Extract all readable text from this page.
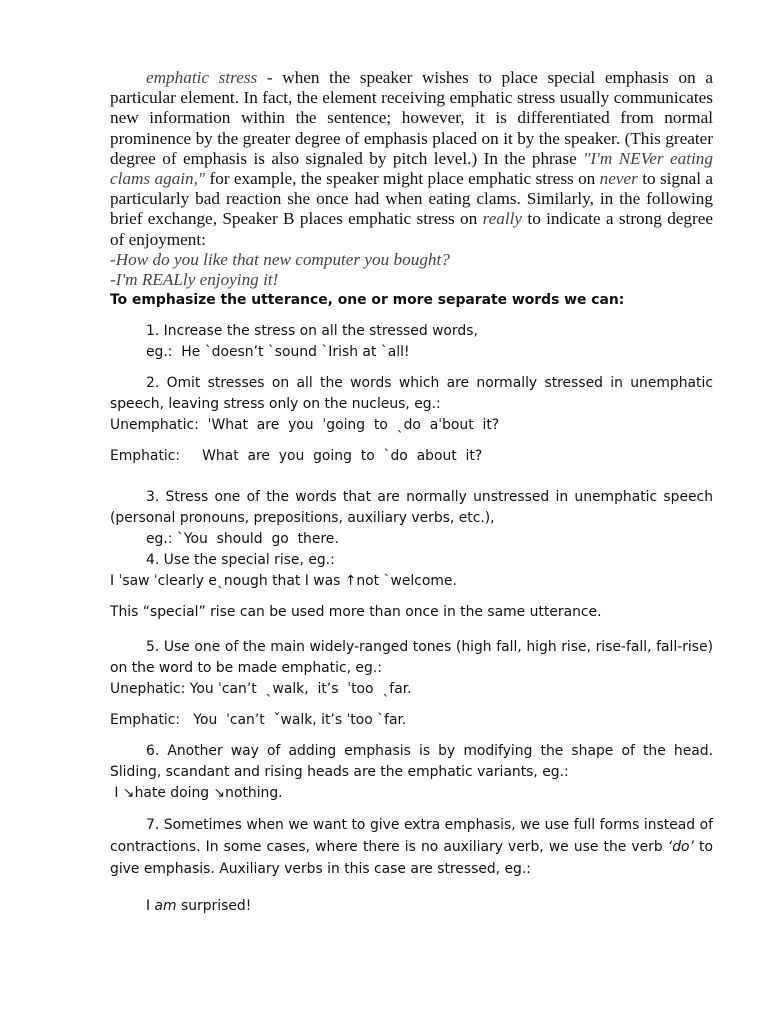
emphatic stress - when the speaker wishes to place special emphasis on a particular element. In fact, the element receiving emphatic stress usually communicates new information within the sentence; however, it is differentiated from normal prominence by the greater degree of emphasis placed on it by the speaker. (This greater degree of emphasis is also signaled by pitch level.) In the phrase "I'm NEVer eating clams again," for example, the speaker might place emphatic stress on never to signal a particularly bad reaction she once had when eating clams. Similarly, in the following brief exchange, Speaker B places emphatic stress on really to indicate a strong degree of enjoyment:

-How do you like that new computer you bought?

-I'm REALly enjoying it!

To emphasize the utterance, one or more separate words we can:

1. Increase the stress on all the stressed words,

eg.:  He `doesn’t `sound `Irish at `all!

2. Omit stresses on all the words which are normally stressed in unemphatic speech, leaving stress only on the nucleus, eg.:

Unemphatic:  ˈWhat  are  you  ˈgoing  to  ˎdo  aˈbout  it?

Emphatic:     What  are  you  going  to  `do  about  it?

3. Stress one of the words that are normally unstressed in unemphatic speech (personal pronouns, prepositions, auxiliary verbs, etc.),

eg.: `You  should  go  there.

4. Use the special rise, eg.:

I ˈsaw ˈclearly eˎnough that I was ↑not `welcome.

This “special” rise can be used more than once in the same utterance.

5. Use one of the main widely-ranged tones (high fall, high rise, rise-fall, fall-rise) on the word to be made emphatic, eg.:

Unephatic: You ˈcan’t  ˎwalk,  it’s  ˈtoo  ˎfar.

Emphatic:   You  ˈcan’t  ˇwalk, it’s ˈtoo `far.

6. Another way of adding emphasis is by modifying the shape of the head. Sliding, scandant and rising heads are the emphatic variants, eg.:

I ↘hate doing ↘nothing.

7. Sometimes when we want to give extra emphasis, we use full forms instead of contractions. In some cases, where there is no auxiliary verb, we use the verb ‘do’ to give emphasis. Auxiliary verbs in this case are stressed, eg.:

I am surprised!
